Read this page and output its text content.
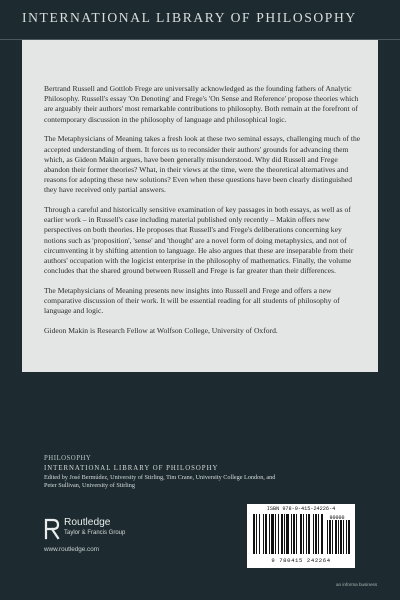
INTERNATIONAL LIBRARY OF PHILOSOPHY

Bertrand Russell and Gottlob Frege are universally acknowledged as the founding fathers of Analytic Philosophy. Russell's essay 'On Denoting' and Frege's 'On Sense and Reference' propose theories which are arguably their authors' most remarkable contributions to philosophy. Both remain at the forefront of contemporary discussion in the philosophy of language and philosophical logic.

The Metaphysicians of Meaning takes a fresh look at these two seminal essays, challenging much of the accepted understanding of them. It forces us to reconsider their authors' grounds for advancing them which, as Gideon Makin argues, have been generally misunderstood. Why did Russell and Frege abandon their former theories? What, in their views at the time, were the theoretical alternatives and reasons for adopting these new solutions? Even when these questions have been clearly distinguished they have received only partial answers.

Through a careful and historically sensitive examination of key passages in both essays, as well as of earlier work – in Russell's case including material published only recently – Makin offers new perspectives on both theories. He proposes that Russell's and Frege's deliberations concerning key notions such as 'proposition', 'sense' and 'thought' are a novel form of doing metaphysics, and not of circumventing it by shifting attention to language. He also argues that these are inseparable from their authors' occupation with the logicist enterprise in the philosophy of mathematics. Finally, the volume concludes that the shared ground between Russell and Frege is far greater than their differences.

The Metaphysicians of Meaning presents new insights into Russell and Frege and offers a new comparative discussion of their work. It will be essential reading for all students of philosophy of language and logic.

Gideon Makin is Research Fellow at Wolfson College, University of Oxford.

PHILOSOPHY
INTERNATIONAL LIBRARY OF PHILOSOPHY
Edited by José Bermúdez, University of Stirling, Tim Crane, University College London, and
Peter Sullivan, University of Stirling
Routledge
Taylor & Francis Group
www.routledge.com
ISBN 978-0-415-24226-4
90000
9 780415 242264
an informa business
